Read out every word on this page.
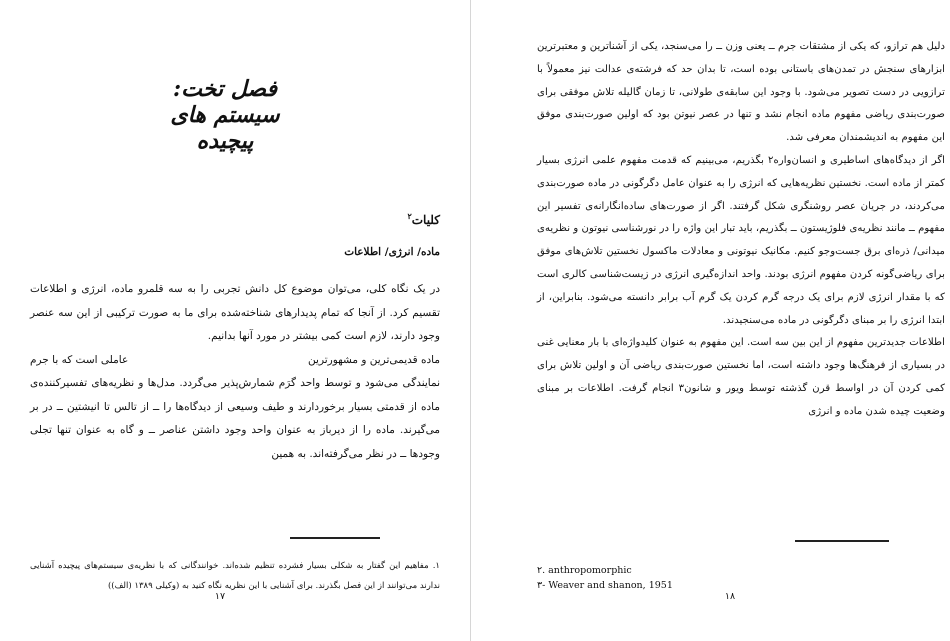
فصل تخت: سیستم های پیچیده
کلیات$^۲$
ماده/ انرژی/ اطلاعات

در یک نگاه کلی، می‌توان موضوع کل دانش تجربی را به سه قلمرو ماده، انرژی و اطلاعات تقسیم کرد. از آنجا که تمام پدیدارهای شناخته‌شده برای ما به صورت ترکیبی از این سه عنصر وجود دارند، لازم است کمی بیشتر در مورد آنها بدانیم.

ماده قدیمی‌ترین و مشهورترین
عاملی است که با جرم

نمایندگی می‌شود و توسط واحد گرَم شمارش‌پذیر می‌گردد. مدل‌ها و نظریه‌های تفسیرکننده‌ی ماده از قدمتی بسیار برخوردارند و طیف وسیعی از دیدگاه‌ها را ــ از تالس تا انیشتین ــ در بر می‌گیرند. ماده را از دیرباز به عنوان واحد وجود داشتن عناصر ــ و گاه به عنوان تنها تجلی وجودها ــ در نظر می‌گرفته‌اند. به همین

۱. مفاهیم این گفتار به شکلی بسیار فشرده تنظیم شده‌اند. خوانندگانی که با نظریه‌ی سیستم‌های پیچیده آشنایی ندارند می‌توانند از این فصل بگذرند. برای آشنایی با این نظریه نگاه کنید به (وکیلی ۱۳۸۹ (الف))
۱۷

دلیل هم ترازو، که یکی از مشتقات جرم ــ یعنی وزن ــ را می‌سنجد، یکی از آشناترین و معتبرترین ابزارهای سنجش در تمدن‌های باستانی بوده است، تا بدان حد که فرشته‌ی عدالت نیز معمولاً با ترازویی در دست تصویر می‌شود. با وجود این سابقه‌ی طولانی، تا زمان گالیله تلاش موفقی برای صورت‌بندی ریاضی مفهوم ماده انجام نشد و تنها در عصر نیوتن بود که اولین صورت‌بندی موفق این مفهوم به اندیشمندان معرفی شد.

اگر از دیدگاه‌های اساطیری و انسان‌واره۲ بگذریم، می‌بینیم که قدمت مفهوم علمی انرژی بسیار کمتر از ماده است. نخستین نظریه‌هایی که انرژی را به عنوان عامل دگرگونی در ماده صورت‌بندی می‌کردند، در جریان عصر روشنگری شکل گرفتند. اگر از صورت‌های ساده‌انگارانه‌ی تفسیر این مفهوم ــ مانند نظریه‌ی فلوژیستون ــ بگذریم، باید تبار این واژه را در نورشناسی نیوتون و نظریه‌ی میدانی/ ذره‌ای برق جست‌وجو کنیم. مکانیک نیوتونی و معادلات ماکسول نخستین تلاش‌های موفق برای ریاضی‌گونه کردن مفهوم انرژی بودند. واحد اندازه‌گیری انرژی در زیست‌شناسی کالری است که با مقدار انرژی لازم برای یک درجه گرم کردن یک گرم آب برابر دانسته می‌شود. بنابراین، از ابتدا انرژی را بر مبنای دگرگونی در ماده می‌سنجیدند.

اطلاعات جدیدترین مفهوم از این بین سه است. این مفهوم به عنوان کلیدواژه‌ای با بار معنایی غنی در بسیاری از فرهنگ‌ها وجود داشته است، اما نخستین صورت‌بندی ریاضی آن و اولین تلاش برای کمی کردن آن در اواسط قرن گذشته توسط ویور و شانون۳ انجام گرفت. اطلاعات بر مبنای وضعیت چیده شدن ماده و انرژی

۲. anthropomorphic
۳- Weaver and shanon, 1951
۱۸
